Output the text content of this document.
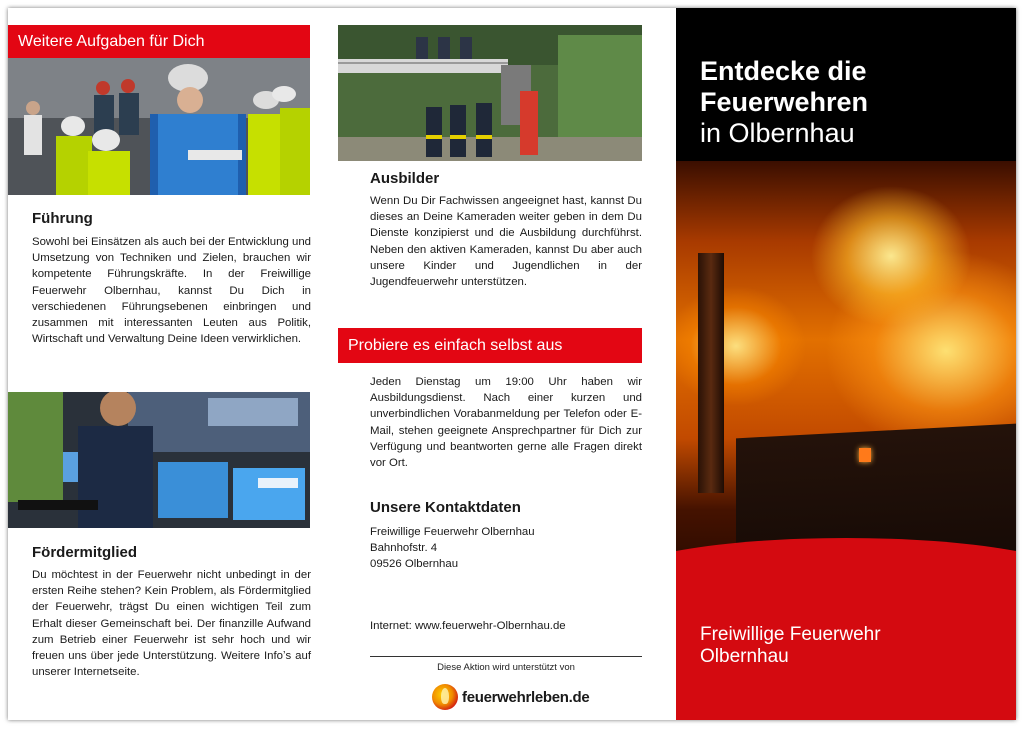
Weitere Aufgaben für Dich
Führung
Sowohl bei Einsätzen als auch bei der Entwicklung und Umsetzung von Techniken und Zielen, brauchen wir kompetente Führungskräfte. In der Freiwillige Feuerwehr Olbernhau, kannst Du Dich in verschiedenen Führungsebenen einbringen und zusammen mit interessanten Leuten aus Politik, Wirtschaft und Verwaltung Deine Ideen verwirklichen.
Fördermitglied
Du möchtest in der Feuerwehr nicht unbedingt in der ersten Reihe stehen? Kein Problem, als Fördermitglied der Feuerwehr, trägst Du einen wichtigen Teil zum Erhalt dieser Gemeinschaft bei. Der finanzille Aufwand zum Betrieb einer Feuerwehr ist sehr hoch und wir freuen uns über jede Unterstützung. Weitere Infoʼs auf unserer Internetseite.
Ausbilder
Wenn Du Dir Fachwissen angeeignet hast, kannst Du dieses an Deine Kameraden weiter geben in dem Du Dienste konzipierst und die Ausbildung durchführst. Neben den aktiven Kameraden, kannst Du aber auch unsere Kinder und Jugendlichen in der Jugendfeuerwehr unterstützen.
Probiere es einfach selbst aus
Jeden Dienstag um 19:00 Uhr haben wir Ausbildungsdienst. Nach einer kurzen und unverbindlichen Vorabanmeldung per Telefon oder E-Mail, stehen geeignete Ansprechpartner für Dich zur Verfügung und beantworten gerne alle Fragen direkt vor Ort.
Unsere Kontaktdaten
Freiwillige Feuerwehr Olbernhau
Bahnhofstr. 4
09526 Olbernhau
Internet: www.feuerwehr-Olbernhau.de
Diese Aktion wird unterstützt von
feuerwehrleben.de
Entdecke die
Feuerwehren
in Olbernhau
Freiwillige Feuerwehr
Olbernhau
